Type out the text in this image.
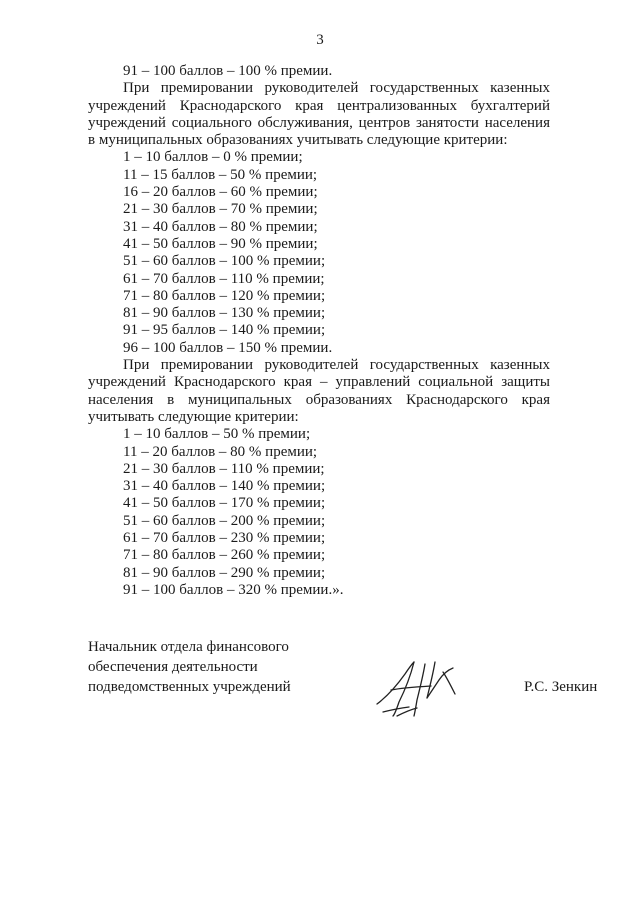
3
91 – 100 баллов – 100 % премии.

При премировании руководителей государственных казенных учреждений Краснодарского края централизованных бухгалтерий учреждений социального обслуживания, центров занятости населения в муниципальных образованиях учитывать следующие критерии:

1 – 10 баллов – 0 % премии;
11 – 15 баллов – 50 % премии;
16 – 20 баллов – 60 % премии;
21 – 30 баллов – 70 % премии;
31 – 40 баллов – 80 % премии;
41 – 50 баллов – 90 % премии;
51 – 60 баллов – 100 % премии;
61 – 70 баллов – 110 % премии;
71 – 80 баллов – 120 % премии;
81 – 90 баллов – 130 % премии;
91 – 95 баллов – 140 % премии;
96 – 100 баллов – 150 % премии.

При премировании руководителей государственных казенных учреждений Краснодарского края – управлений социальной защиты населения в муниципальных образованиях Краснодарского края учитывать следующие критерии:

1 – 10 баллов – 50 % премии;
11 – 20 баллов – 80 % премии;
21 – 30 баллов – 110 % премии;
31 – 40 баллов – 140 % премии;
41 – 50 баллов – 170 % премии;
51 – 60 баллов – 200 % премии;
61 – 70 баллов – 230 % премии;
71 – 80 баллов – 260 % премии;
81 – 90 баллов – 290 % премии;
91 – 100 баллов – 320 % премии.».
Начальник отдела финансового
обеспечения деятельности
подведомственных учреждений	Р.С. Зенкин
